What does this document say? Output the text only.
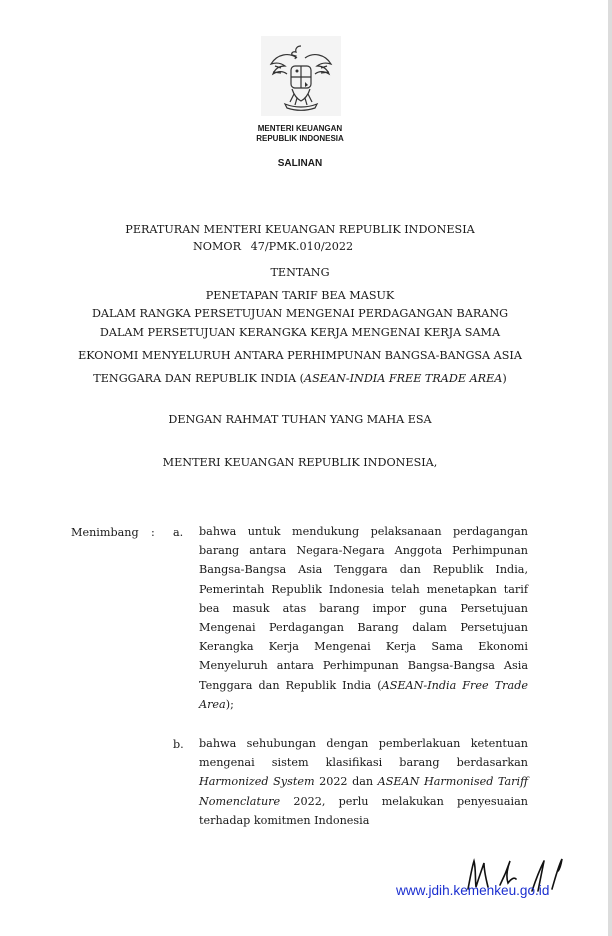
MENTERI KEUANGAN
REPUBLIK INDONESIA
SALINAN
PERATURAN MENTERI KEUANGAN REPUBLIK INDONESIA
NOMOR 47/PMK.010/2022
TENTANG
PENETAPAN TARIF BEA MASUK
DALAM RANGKA PERSETUJUAN MENGENAI PERDAGANGAN BARANG
DALAM PERSETUJUAN KERANGKA KERJA MENGENAI KERJA SAMA
EKONOMI MENYELURUH ANTARA PERHIMPUNAN BANGSA-BANGSA ASIA
TENGGARA DAN REPUBLIK INDIA (ASEAN-INDIA FREE TRADE AREA)
DENGAN RAHMAT TUHAN YANG MAHA ESA
MENTERI KEUANGAN REPUBLIK INDONESIA,
Menimbang : a. bahwa untuk mendukung pelaksanaan perdagangan barang antara Negara-Negara Anggota Perhimpunan Bangsa-Bangsa Asia Tenggara dan Republik India, Pemerintah Republik Indonesia telah menetapkan tarif bea masuk atas barang impor guna Persetujuan Mengenai Perdagangan Barang dalam Persetujuan Kerangka Kerja Mengenai Kerja Sama Ekonomi Menyeluruh antara Perhimpunan Bangsa-Bangsa Asia Tenggara dan Republik India (ASEAN-India Free Trade Area);
b. bahwa sehubungan dengan pemberlakuan ketentuan mengenai sistem klasifikasi barang berdasarkan Harmonized System 2022 dan ASEAN Harmonised Tariff Nomenclature 2022, perlu melakukan penyesuaian terhadap komitmen Indonesia
www.jdih.kemenkeu.go.id
